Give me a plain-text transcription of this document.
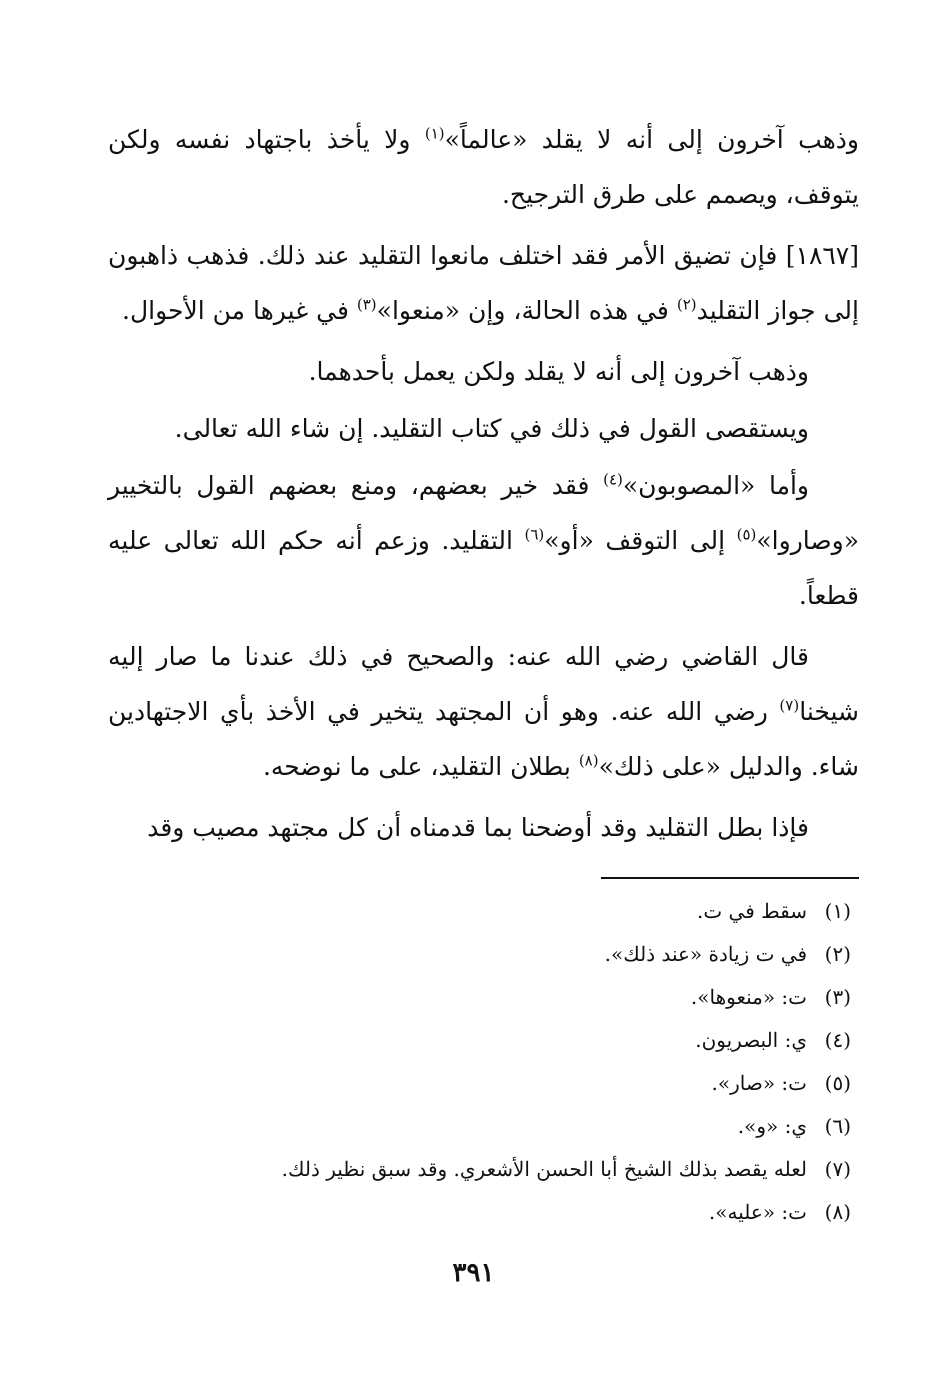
وذهب آخرون إلى أنه لا يقلد «عالماً»$^{(١)}$ ولا يأخذ باجتهاد نفسه ولكن يتوقف، ويصمم على طرق الترجيح.

[١٨٦٧] فإن تضيق الأمر فقد اختلف مانعوا التقليد عند ذلك. فذهب ذاهبون إلى جواز التقليد$^{(٢)}$ في هذه الحالة، وإن «منعوا»$^{(٣)}$ في غيرها من الأحوال.

وذهب آخرون إلى أنه لا يقلد ولكن يعمل بأحدهما.

ويستقصى القول في ذلك في كتاب التقليد. إن شاء الله تعالى.

وأما «المصوبون»$^{(٤)}$ فقد خير بعضهم، ومنع بعضهم القول بالتخيير «وصاروا»$^{(٥)}$ إلى التوقف «أو»$^{(٦)}$ التقليد. وزعم أنه حكم الله تعالى عليه قطعاً.

قال القاضي رضي الله عنه: والصحيح في ذلك عندنا ما صار إليه شيخنا$^{(٧)}$ رضي الله عنه. وهو أن المجتهد يتخير في الأخذ بأي الاجتهادين شاء. والدليل «على ذلك»$^{(٨)}$ بطلان التقليد، على ما نوضحه.

فإذا بطل التقليد وقد أوضحنا بما قدمناه أن كل مجتهد مصيب وقد

(١)سقط في ت.
(٢)في ت زيادة «عند ذلك».
(٣)ت: «منعوها».
(٤)ي: البصريون.
(٥)ت: «صار».
(٦)ي: «و».
(٧)لعله يقصد بذلك الشيخ أبا الحسن الأشعري. وقد سبق نظير ذلك.
(٨)ت: «عليه».
٣٩١
